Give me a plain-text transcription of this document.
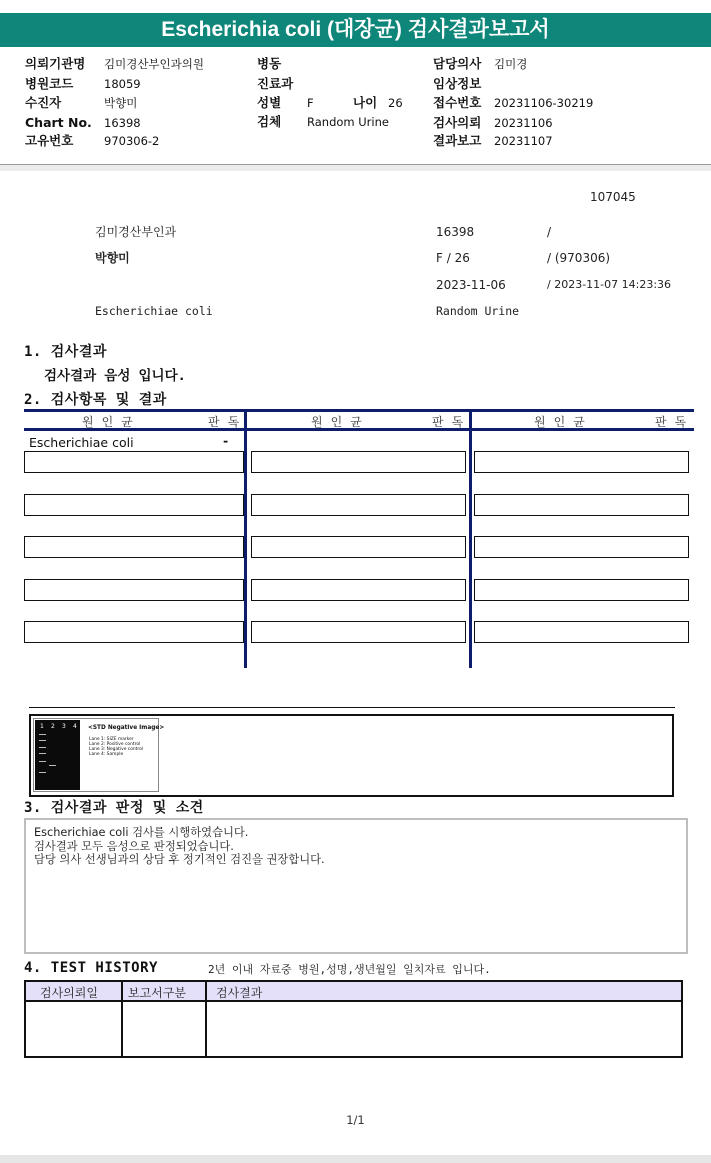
Escherichia coli (대장균) 검사결과보고서
의뢰기관명 김미경산부인과의원
병원코드	18059
수진자	박향미
Chart No. 16398
고유번호	970306-2
병동
진료과
성별 F	나이 26
검체 Random Urine
담당의사 김미경
임상정보
접수번호 20231106-30219
검사의뢰 20231106
결과보고 20231107
107045
김미경산부인과	16398	/
박향미	F / 26	/ (970306)
2023-11-06	/ 2023-11-07 14:23:36
Escherichiae coli	Random Urine
1. 검사결과
검사결과 음성 입니다.
2. 검사항목 및 결과
원인균	판독	원인균	판독	원인균	판독
Escherichiae coli	-
1 2 3 4 <STD Negative Image>
Lane 1: SIZE marker
Lane 2: Positive control
Lane 3: Negative control
Lane 4: Sample
3. 검사결과 판정 및 소견
Escherichiae coli 검사를 시행하였습니다.
검사결과 모두 음성으로 판정되었습니다.
담당 의사 선생님과의 상담 후 정기적인 검진을 권장합니다.
4. TEST HISTORY	2년 이내 자료중 병원,성명,생년월일 일치자료 입니다.
검사의뢰일	보고서구분	검사결과
1/1
